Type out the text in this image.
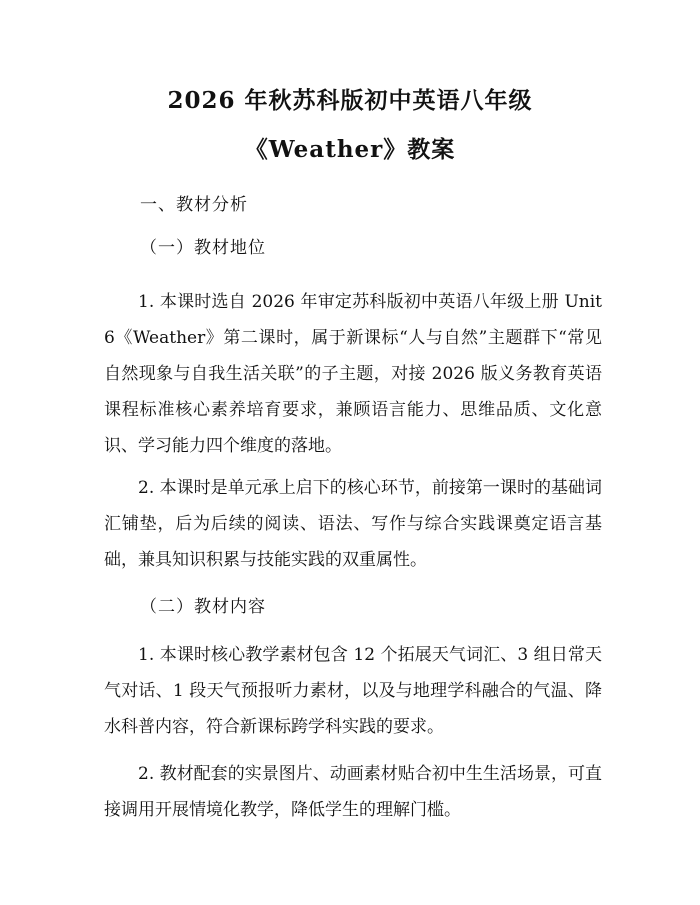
2026 年秋苏科版初中英语八年级
《Weather》教案
一、教材分析
（一）教材地位
1. 本课时选自 2026 年审定苏科版初中英语八年级上册 Unit 6《Weather》第二课时，属于新课标“人与自然”主题群下“常见自然现象与自我生活关联”的子主题，对接 2026 版义务教育英语课程标准核心素养培育要求，兼顾语言能力、思维品质、文化意识、学习能力四个维度的落地。
2. 本课时是单元承上启下的核心环节，前接第一课时的基础词汇铺垫，后为后续的阅读、语法、写作与综合实践课奠定语言基础，兼具知识积累与技能实践的双重属性。
（二）教材内容
1. 本课时核心教学素材包含 12 个拓展天气词汇、3 组日常天气对话、1 段天气预报听力素材，以及与地理学科融合的气温、降水科普内容，符合新课标跨学科实践的要求。
2. 教材配套的实景图片、动画素材贴合初中生生活场景，可直接调用开展情境化教学，降低学生的理解门槛。
